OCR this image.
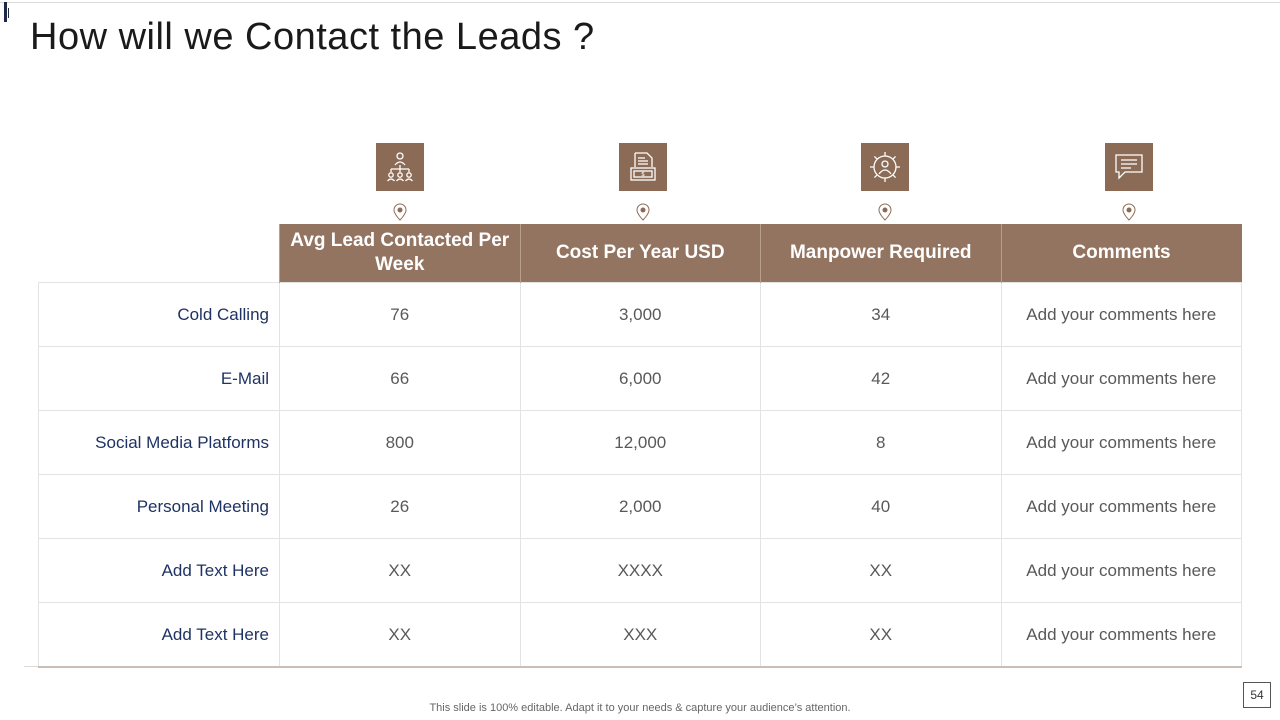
How will we Contact the Leads ?
$
	Avg Lead Contacted Per Week	Cost Per Year USD	Manpower Required	Comments
Cold Calling	76	3,000	34	Add your comments here
E-Mail	66	6,000	42	Add your comments here
Social Media Platforms	800	12,000	8	Add your comments here
Personal Meeting	26	2,000	40	Add your comments here
Add Text Here	XX	XXXX	XX	Add your comments here
Add Text Here	XX	XXX	XX	Add your comments here
This slide is 100% editable. Adapt it to your needs & capture your audience’s attention.
54
